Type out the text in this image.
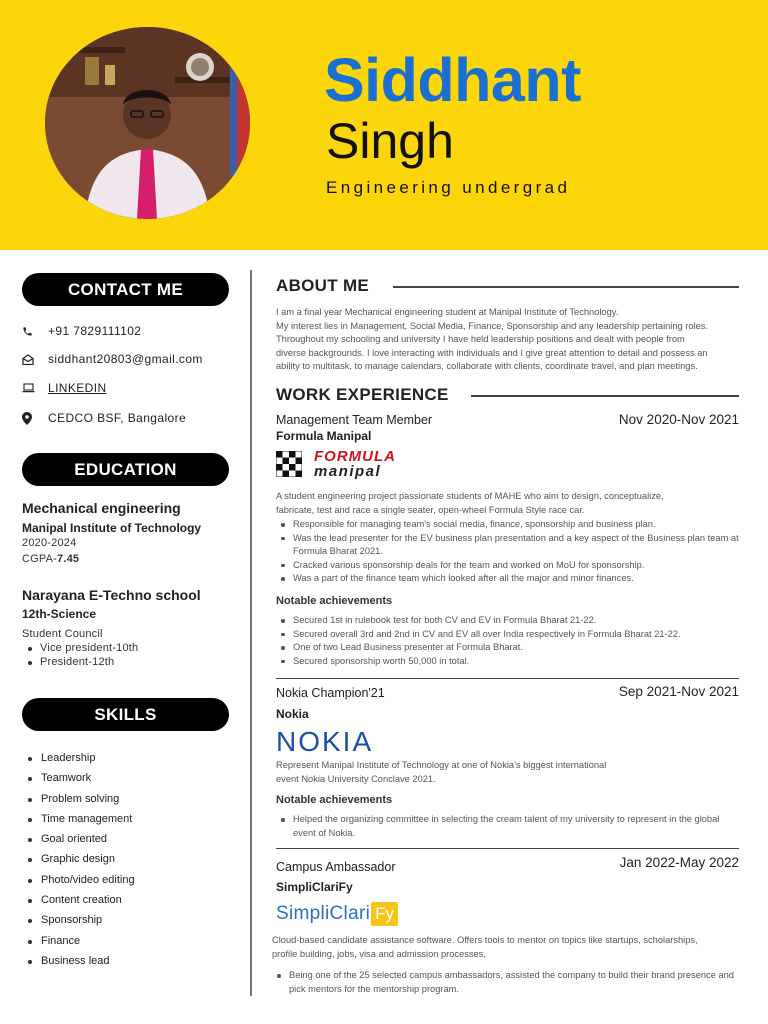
Siddhant
Singh
Engineering undergrad
CONTACT ME
+91 7829111102
siddhant20803@gmail.com
LINKEDIN
CEDCO BSF, Bangalore
EDUCATION
Mechanical engineering
Manipal Institute of Technology
2020-2024
CGPA-7.45
Narayana E-Techno school
12th-Science
Student Council
Vice president-10th
President-12th
SKILLS
Leadership
Teamwork
Problem solving
Time management
Goal oriented
Graphic design
Photo/video editing
Content creation
Sponsorship
Finance
Business lead
ABOUT ME
I am a final year Mechanical engineering student at Manipal Institute of Technology.
My interest lies in Management, Social Media, Finance, Sponsorship and any leadership pertaining roles.
Throughout my schooling and university I have held leadership positions and dealt with people from
diverse backgrounds. I love interacting with individuals and I give great attention to detail and possess an
ability to multitask, to manage calendars, collaborate with clients, coordinate travel, and plan meetings.
WORK EXPERIENCE
Management Team Member	Nov 2020-Nov 2021
Formula Manipal
FORMULA
manipal
A student engineering project passionate students of MAHE who aim to design, conceptualize,
fabricate, test and race a single seater, open-wheel Formula Style race car.
Responsible for managing team's social media, finance, sponsorship and business plan.
Was the lead presenter for the EV business plan presentation and a key aspect of the Business plan team at Formula Bharat 2021.
Cracked various sponsorship deals for the team and worked on MoU for sponsorship.
Was a part of the finance team which looked after all the major and minor finances.
Notable achievements
Secured 1st in rulebook test for both CV and EV in Formula Bharat 21-22.
Secured overall 3rd and 2nd in CV and EV all over India respectively in Formula Bharat 21-22.
One of two Lead Business presenter at Formula Bharat.
Secured sponsorship worth 50,000 in total.
Nokia Champion'21	Sep 2021-Nov 2021
Nokia
NOKIA
Represent Manipal Institute of Technology at one of Nokia's biggest international
event Nokia University Conclave 2021.
Notable achievements
Helped the organizing committee in selecting the cream talent of my university to represent in the global event of Nokia.
Campus Ambassador	Jan 2022-May 2022
SimpliClariFy
SimpliClari Fy
Cloud-based candidate assistance software. Offers tools to mentor on topics like startups, scholarships,
profile building, jobs, visa and admission processes,
Being one of the 25 selected campus ambassadors, assisted the company to build their brand presence and pick mentors for the mentorship program.
